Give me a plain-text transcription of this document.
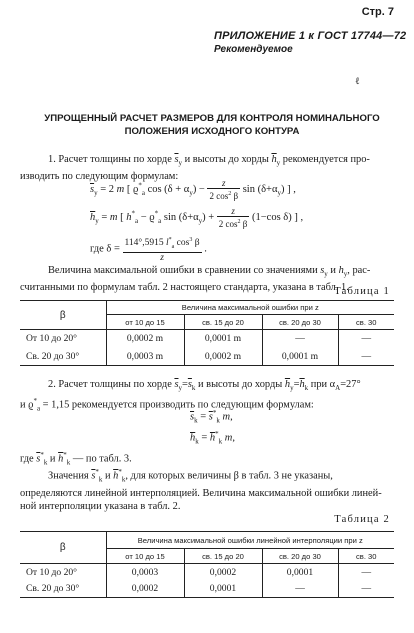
Стр. 7
ПРИЛОЖЕНИЕ 1 к ГОСТ 17744—72
Рекомендуемое
ℓ
УПРОЩЕННЫЙ РАСЧЕТ РАЗМЕРОВ ДЛЯ КОНТРОЛЯ НОМИНАЛЬНОГО
ПОЛОЖЕНИЯ ИСХОДНОГО КОНТУРА
1. Расчет толщины по хорде $\overline{s}_y$ и высоты до хорды $\overline{h}_y$ рекомендуется про-
изводить по следующим формулам:
$\overline{s}_y = 2$ m [ $ϱ^*_a$ $\cos (\delta + \alpha_y) - \frac{z}{2 \cos^2 \beta}$ $\sin (\delta+\alpha_y)$ ] ,
$\overline{h}_y = m$ [ $h^*_a - ϱ^*_a$ $\sin (\delta+\alpha_y) + \frac{z}{2 \cos^2 \beta} (1-\cos$ δ) ] ,
где $\delta = \frac{114^\circ,5915 l^*_a \cos^3 \beta}{z}$ .
Величина максимальной ошибки в сравнении со значениями $s_y$ и $h_y$, рас-
считанными по формулам табл. 2 настоящего стандарта, указана в табл. 1.
Таблица 1
β	Величина максимальной ошибки при z			
	от 10 до 15	св. 15 до 20	св. 20 до 30	св. 30
От 10 до 20°	0,0002 m	0,0001 m	—	—
Св. 20 до 30°	0,0003 m	0,0002 m	0,0001 m	—
2. Расчет толщины по хорде $\overline{s}_y=\overline{s}_k$ и высоты до хорды $\overline{h}_y=\overline{h}_k$ при $\alpha_A=27^\circ$
и $ϱ^*_a = 1,15$ рекомендуется производить по следующим формулам:
$\overline{s}_k = \overline{s}^*_k$ m,
$\overline{h}_k = \overline{h}^*_k$ m,
где $\overline{s}^*_k$ и $\overline{h}^*_k$ — по табл. 3.
Значения $\overline{s}^*_k$ и $\overline{h}^*_k$, для которых величины β в табл. 3 не указаны,
определяются линейной интерполяцией. Величина максимальной ошибки линей-
ной интерполяции указана в табл. 2.
Таблица 2
β	Величина максимальной ошибки линейной интерполяции при z			
	от 10 до 15	св. 15 до 20	св. 20 до 30	св. 30
От 10 до 20°	0,0003	0,0002	0,0001	—
Св. 20 до 30°	0,0002	0,0001	—	—
